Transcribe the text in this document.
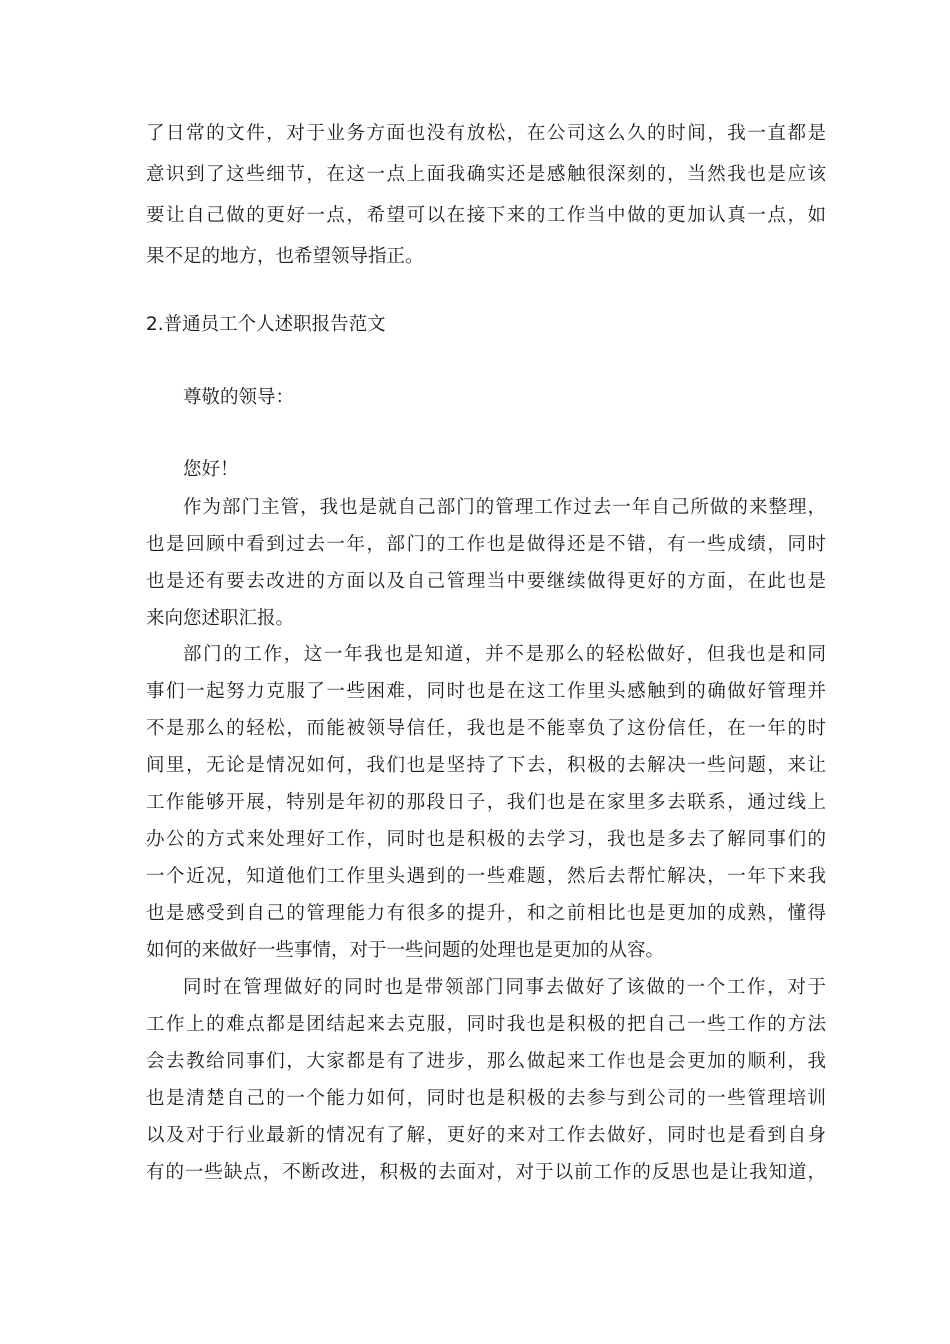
了日常的文件，对于业务方面也没有放松，在公司这么久的时间，我一直都是
意识到了这些细节，在这一点上面我确实还是感触很深刻的，当然我也是应该
要让自己做的更好一点，希望可以在接下来的工作当中做的更加认真一点，如
果不足的地方，也希望领导指正。
2.普通员工个人述职报告范文
尊敬的领导：
您好！
作为部门主管，我也是就自己部门的管理工作过去一年自己所做的来整理，
也是回顾中看到过去一年，部门的工作也是做得还是不错，有一些成绩，同时
也是还有要去改进的方面以及自己管理当中要继续做得更好的方面，在此也是
来向您述职汇报。
部门的工作，这一年我也是知道，并不是那么的轻松做好，但我也是和同
事们一起努力克服了一些困难，同时也是在这工作里头感触到的确做好管理并
不是那么的轻松，而能被领导信任，我也是不能辜负了这份信任，在一年的时
间里，无论是情况如何，我们也是坚持了下去，积极的去解决一些问题，来让
工作能够开展，特别是年初的那段日子，我们也是在家里多去联系，通过线上
办公的方式来处理好工作，同时也是积极的去学习，我也是多去了解同事们的
一个近况，知道他们工作里头遇到的一些难题，然后去帮忙解决，一年下来我
也是感受到自己的管理能力有很多的提升，和之前相比也是更加的成熟，懂得
如何的来做好一些事情，对于一些问题的处理也是更加的从容。
同时在管理做好的同时也是带领部门同事去做好了该做的一个工作，对于
工作上的难点都是团结起来去克服，同时我也是积极的把自己一些工作的方法
会去教给同事们，大家都是有了进步，那么做起来工作也是会更加的顺利，我
也是清楚自己的一个能力如何，同时也是积极的去参与到公司的一些管理培训
以及对于行业最新的情况有了解，更好的来对工作去做好，同时也是看到自身
有的一些缺点，不断改进，积极的去面对，对于以前工作的反思也是让我知道，
